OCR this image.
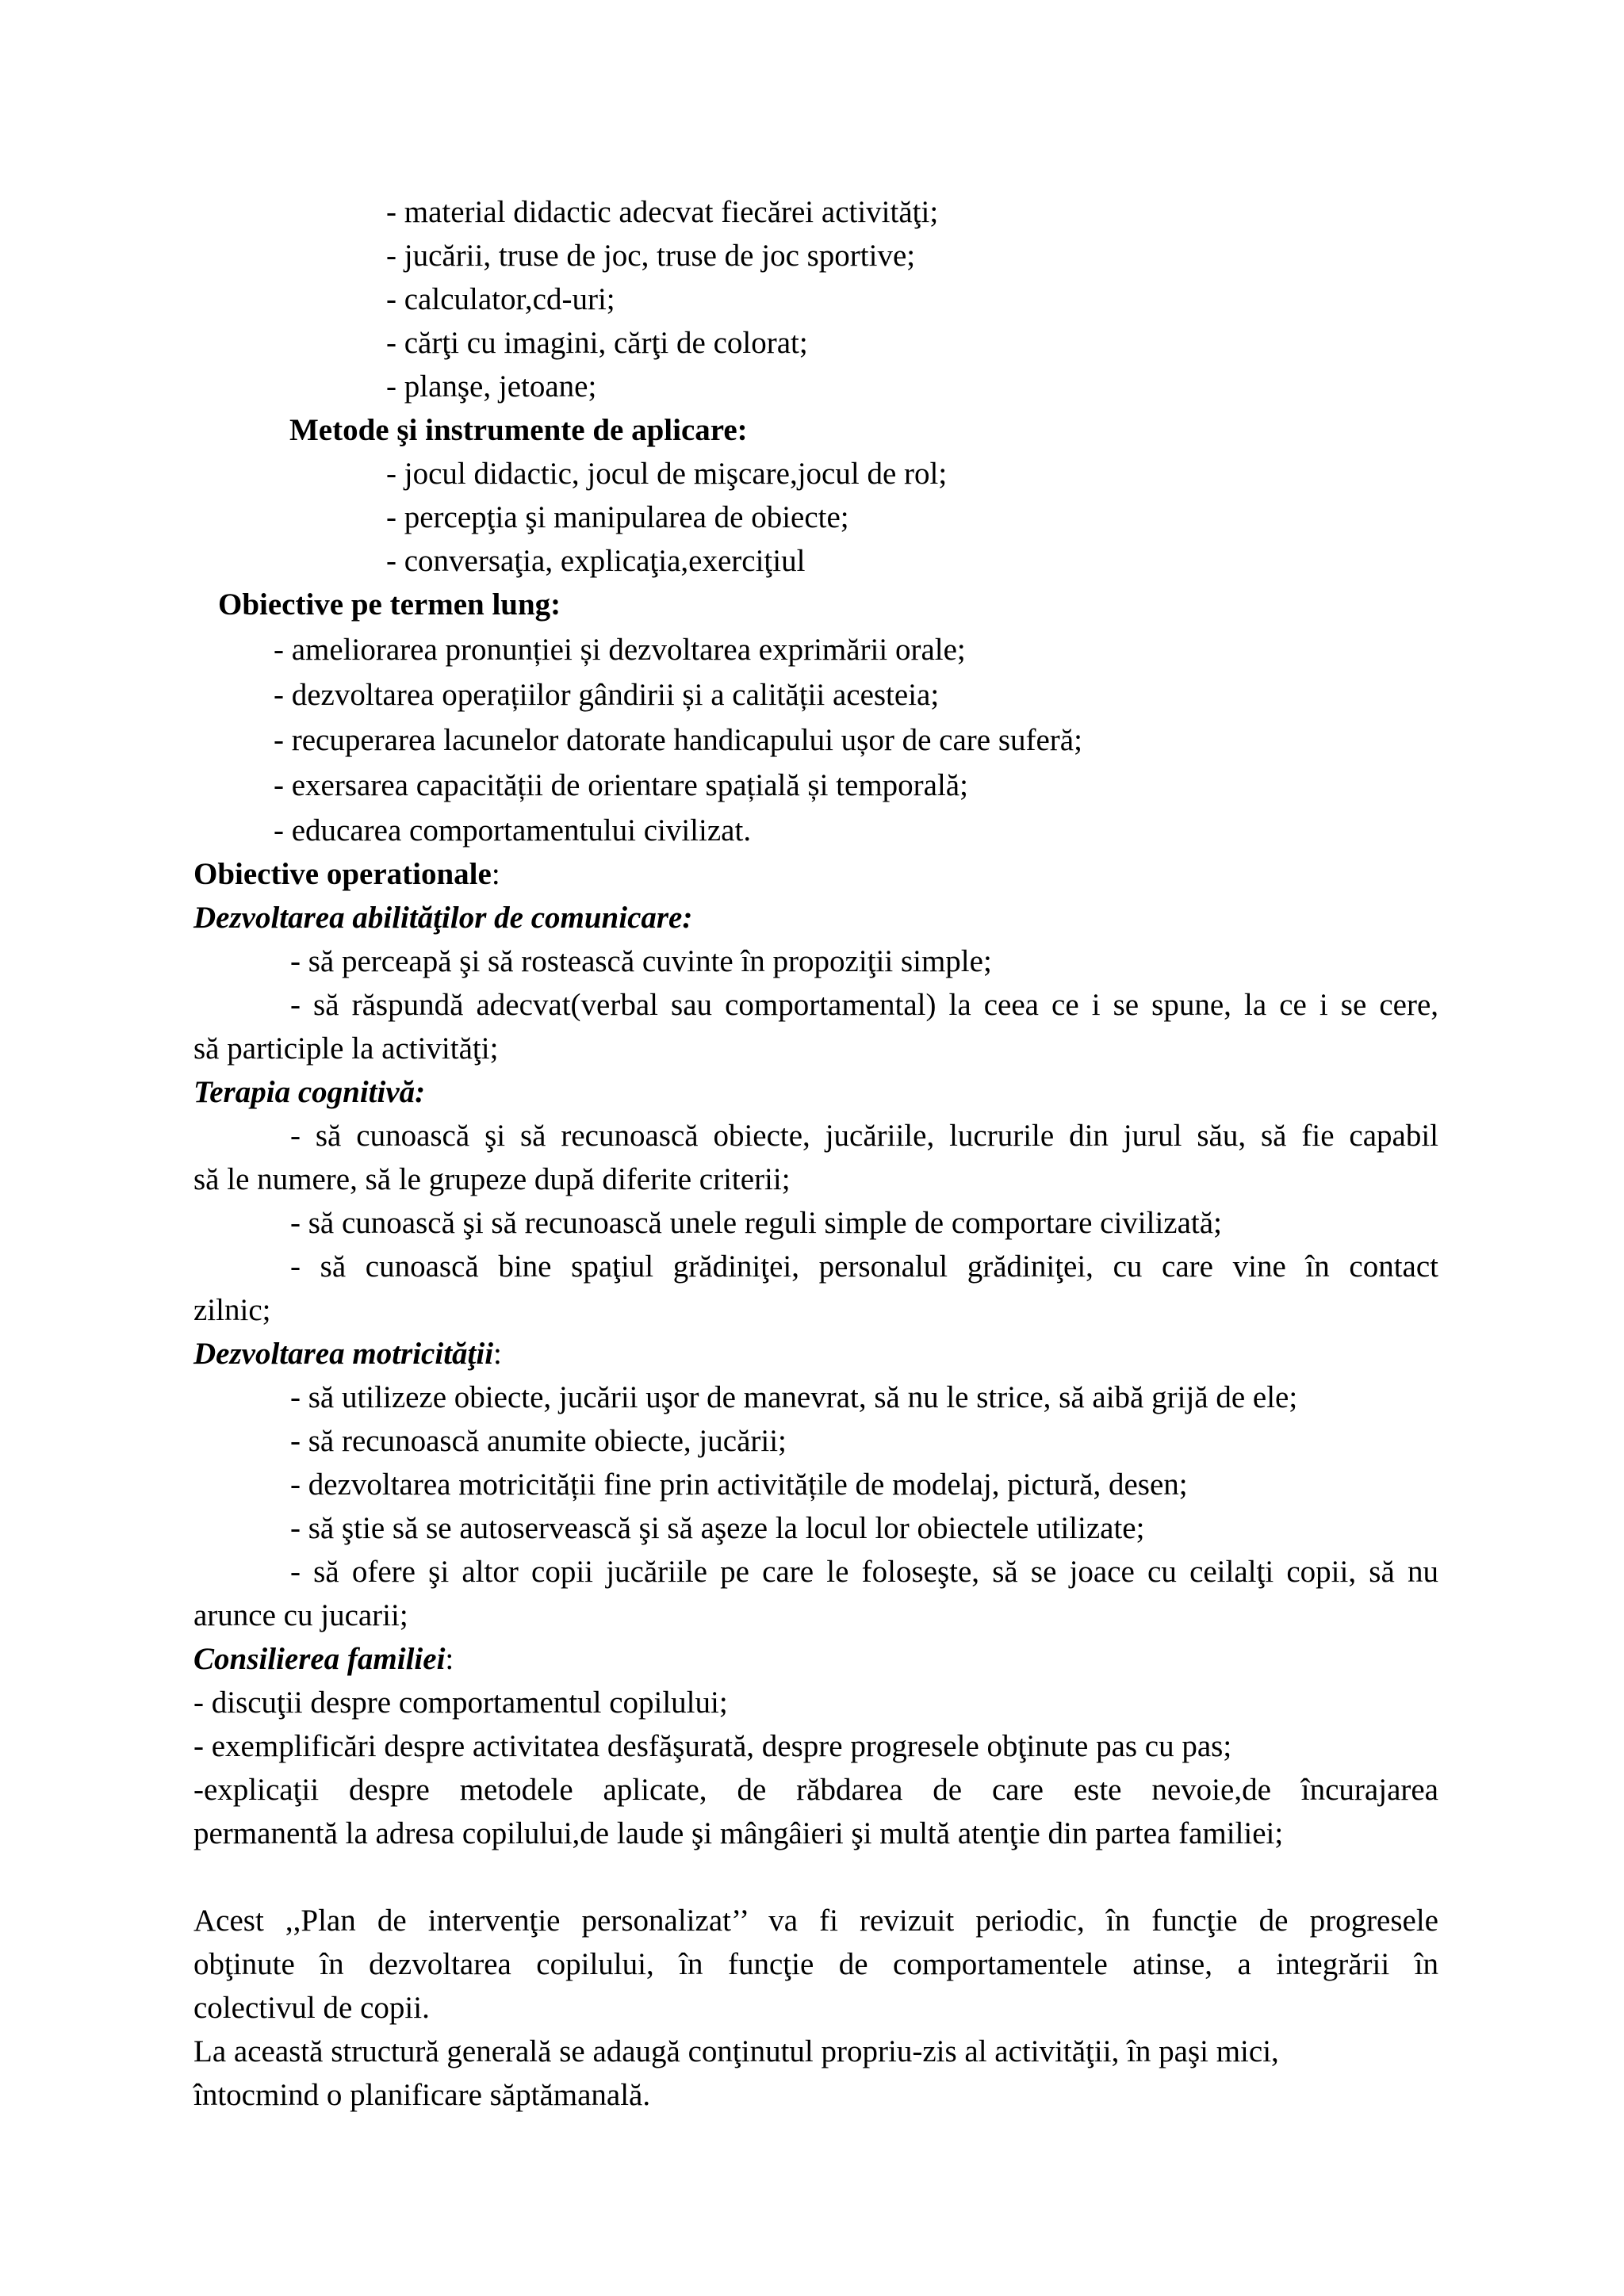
- material didactic adecvat fiecărei activităţi;
- jucării, truse de joc, truse de joc sportive;
- calculator,cd-uri;
- cărţi cu imagini, cărţi de colorat;
- planşe, jetoane;
Metode şi instrumente de aplicare:
- jocul didactic, jocul de mişcare,jocul de rol;
- percepţia şi manipularea de obiecte;
- conversaţia, explicaţia,exerciţiul
Obiective pe termen lung:
- ameliorarea pronunției și dezvoltarea exprimării orale;
- dezvoltarea operațiilor gândirii și a calității acesteia;
- recuperarea lacunelor datorate handicapului ușor de care suferă;
- exersarea capacității de orientare spațială și temporală;
- educarea comportamentului civilizat.
Obiective operationale:
Dezvoltarea abilităţilor de comunicare:
- să perceapă şi să rostească cuvinte în propoziţii simple;
- să răspundă adecvat(verbal sau comportamental) la ceea ce i se spune, la ce i se cere,
să participle la activităţi;
Terapia cognitivă:
- să cunoască şi să recunoască obiecte, jucăriile, lucrurile din jurul său, să fie capabil
să le numere, să le grupeze după diferite criterii;
- să cunoască şi să recunoască unele reguli simple de comportare civilizată;
- să cunoască bine spaţiul grădiniţei, personalul grădiniţei, cu care vine în contact
zilnic;
Dezvoltarea motricităţii:
- să utilizeze obiecte, jucării uşor de manevrat, să nu le strice, să aibă grijă de ele;
- să recunoască anumite obiecte, jucării;
- dezvoltarea motricității fine prin activitățile de modelaj, pictură, desen;
- să ştie să se autoservească şi să aşeze la locul lor obiectele utilizate;
- să ofere şi altor copii jucăriile pe care le foloseşte, să se joace cu ceilalţi copii, să nu
arunce cu jucarii;
Consilierea familiei:
- discuţii despre comportamentul copilului;
- exemplificări despre activitatea desfăşurată, despre progresele obţinute pas cu pas;
-explicaţii despre metodele aplicate, de răbdarea de care este nevoie,de încurajarea
permanentă la adresa copilului,de laude şi mângâieri şi multă atenţie din partea familiei;
Acest ,,Plan de intervenţie personalizat’’ va fi revizuit periodic, în funcţie de progresele
obţinute în dezvoltarea copilului, în funcţie de comportamentele atinse, a integrării în
colectivul de copii.
La această structură generală se adaugă conţinutul propriu-zis al activităţii, în paşi mici,
întocmind o planificare săptămanală.
